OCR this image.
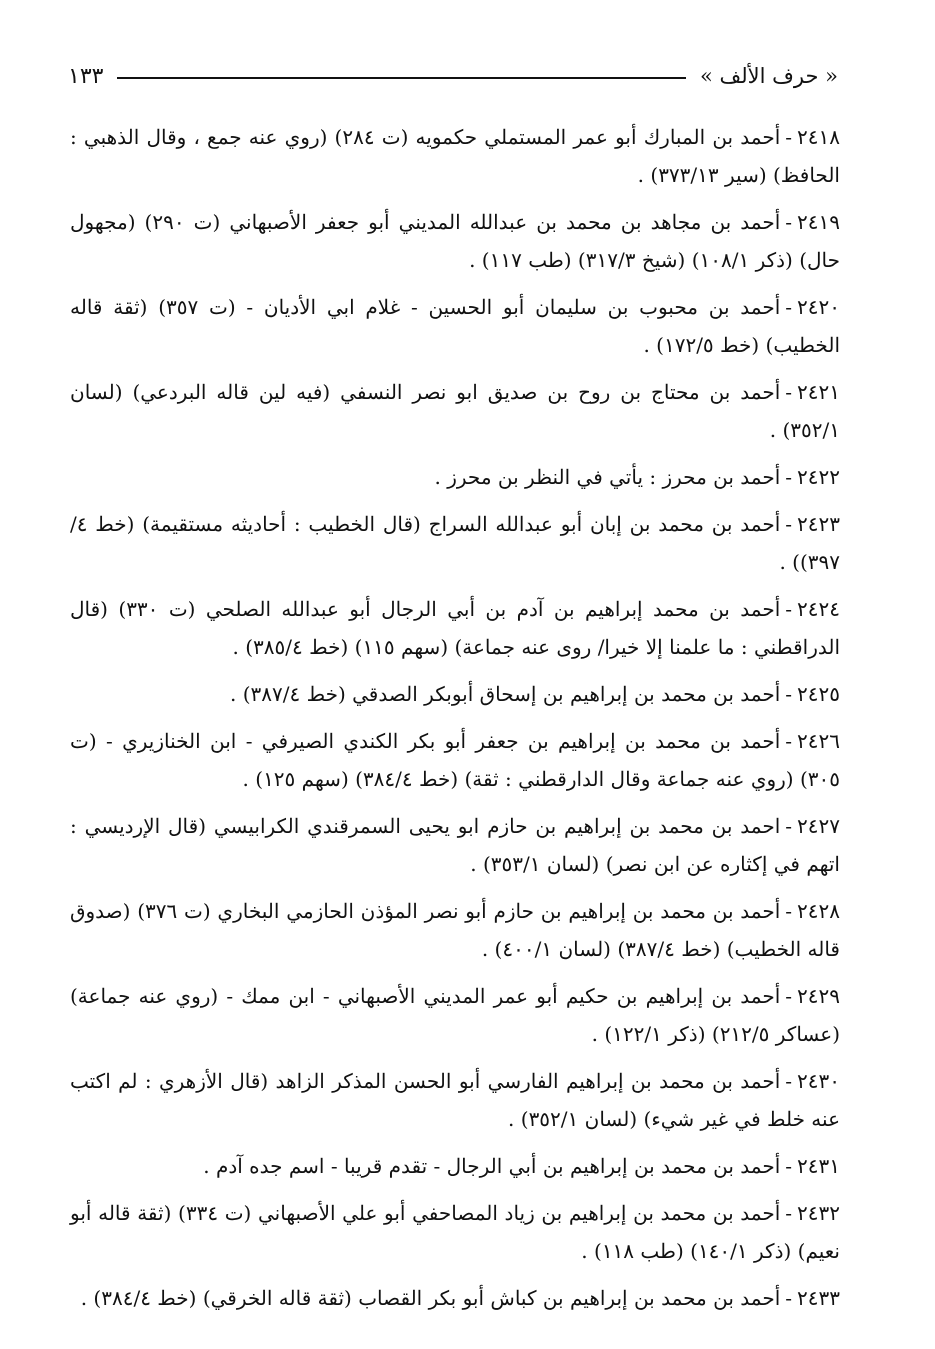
« حرف الألف »
١٣٣

٢٤١٨-أحمد بن المبارك أبو عمر المستملي حكمويه (ت ٢٨٤) (روي عنه جمع ، وقال الذهبي : الحافظ) (سير ٣٧٣/١٣) .

٢٤١٩-أحمد بن مجاهد بن محمد بن عبدالله المديني أبو جعفر الأصبهاني (ت ٢٩٠) (مجهول حال) (ذكر ١٠٨/١) (شيخ ٣١٧/٣) (طب ١١٧) .

٢٤٢٠-أحمد بن محبوب بن سليمان أبو الحسين - غلام ابي الأديان - (ت ٣٥٧) (ثقة قاله الخطيب) (خط ١٧٢/٥) .

٢٤٢١-أحمد بن محتاج بن روح بن صديق ابو نصر النسفي (فيه لين قاله البردعي) (لسان ٣٥٢/١) .

٢٤٢٢-أحمد بن محرز : يأتي في النظر بن محرز .

٢٤٢٣-أحمد بن محمد بن إبان أبو عبدالله السراج (قال الخطيب : أحاديثه مستقيمة) (خط ٤/ ٣٩٧)) .

٢٤٢٤-أحمد بن محمد إبراهيم بن آدم بن أبي الرجال أبو عبدالله الصلحي (ت ٣٣٠) (قال الدراقطني : ما علمنا إلا خيرا/ روى عنه جماعة) (سهم ١١٥) (خط ٣٨٥/٤) .

٢٤٢٥-أحمد بن محمد بن إبراهيم بن إسحاق أبوبكر الصدقي (خط ٣٨٧/٤) .

٢٤٢٦-أحمد بن محمد بن إبراهيم بن جعفر أبو بكر الكندي الصيرفي - ابن الخنازيري - (ت ٣٠٥) (روي عنه جماعة وقال الدارقطني : ثقة) (خط ٣٨٤/٤) (سهم ١٢٥) .

٢٤٢٧-احمد بن محمد بن إبراهيم بن حازم ابو يحيى السمرقندي الكرابيسي (قال الإرديسي : اتهم في إكثاره عن ابن نصر) (لسان ٣٥٣/١) .

٢٤٢٨-أحمد بن محمد بن إبراهيم بن حازم أبو نصر المؤذن الحازمي البخاري (ت ٣٧٦) (صدوق قاله الخطيب) (خط ٣٨٧/٤) (لسان ٤٠٠/١) .

٢٤٢٩-أحمد بن إبراهيم بن حكيم أبو عمر المديني الأصبهاني - ابن ممك - (روي عنه جماعة) (عساكر ٢١٢/٥) (ذكر ١٢٢/١) .

٢٤٣٠-أحمد بن محمد بن إبراهيم الفارسي أبو الحسن المذكر الزاهد (قال الأزهري : لم اكتب عنه خلط في غير شيء) (لسان ٣٥٢/١) .

٢٤٣١-أحمد بن محمد بن إبراهيم بن أبي الرجال - تقدم قريبا - اسم جده آدم .

٢٤٣٢-أحمد بن محمد بن إبراهيم بن زياد المصاحفي أبو علي الأصبهاني (ت ٣٣٤) (ثقة قاله أبو نعيم) (ذكر ١٤٠/١) (طب ١١٨) .

٢٤٣٣-أحمد بن محمد بن إبراهيم بن كباش أبو بكر القصاب (ثقة قاله الخرقي) (خط ٣٨٤/٤) .
